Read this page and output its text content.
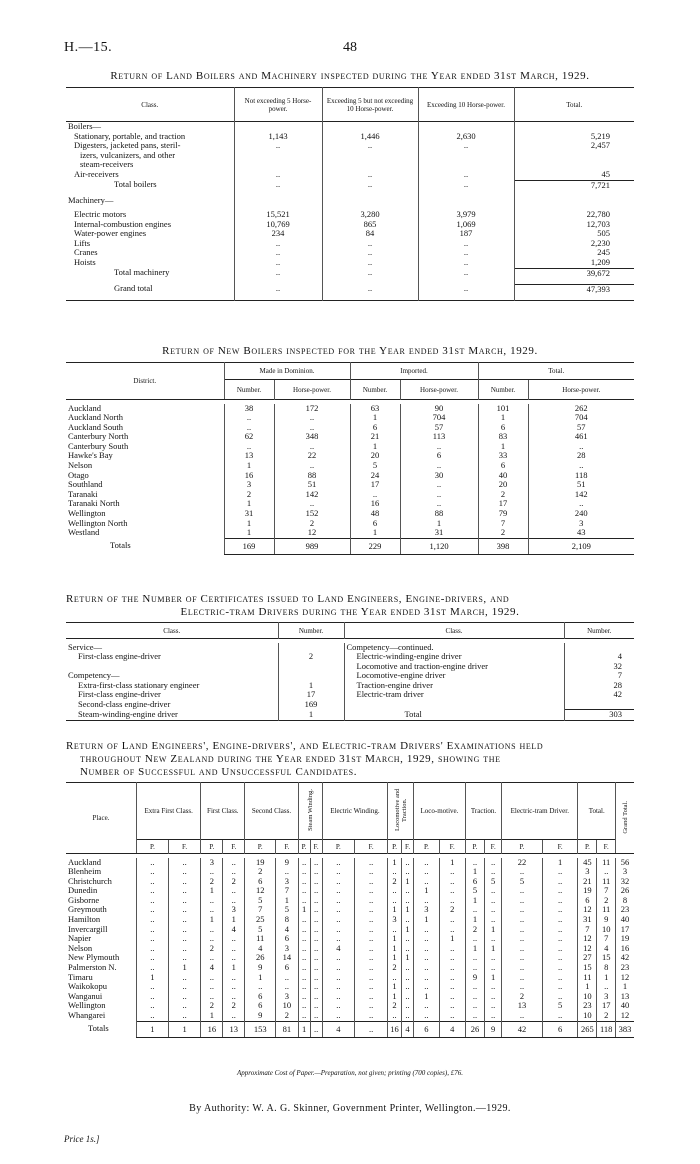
H.—15.	48
Return of Land Boilers and Machinery inspected during the Year ended 31st March, 1929.
Class.	Not exceeding 5 Horse-power.	Exceeding 5 but not exceeding 10 Horse-power.	Exceeding 10 Horse-power.	Total.
Boilers—				
Stationary, portable, and traction	1,143	1,446	2,630	5,219
Digesters, jacketed pans, steril-	..	..	..	2,457
izers, vulcanizers, and other				
steam-receivers				
Air-receivers	..	..	..	45
Total boilers	..	..	..	7,721
Machinery—				
Electric motors	15,521	3,280	3,979	22,780
Internal-combustion engines	10,769	865	1,069	12,703
Water-power engines	234	84	187	505
Lifts	..	..	..	2,230
Cranes	..	..	..	245
Hoists	..	..	..	1,209
Total machinery	..	..	..	39,672
Grand total	..	..	..	47,393
Return of New Boilers inspected for the Year ended 31st March, 1929.
District.	Made in Dominion.		Imported.		Total.	
	Number.	Horse-power.	Number.	Horse-power.	Number.	Horse-power.

Auckland	38	172	63	90	101	262
Auckland North	..	..	1	704	1	704
Auckland South	..	..	6	57	6	57
Canterbury North	62	348	21	113	83	461
Canterbury South	..	..	1	..	1	..
Hawke's Bay	13	22	20	6	33	28
Nelson	1	..	5	..	6	..
Otago	16	88	24	30	40	118
Southland	3	51	17	..	20	51
Taranaki	2	142	..	..	2	142
Taranaki North	1	..	16	..	17	..
Wellington	31	152	48	88	79	240
Wellington North	1	2	6	1	7	3
Westland	1	12	1	31	2	43
Totals	169	989	229	1,120	398	2,109
Return of the Number of Certificates issued to Land Engineers, Engine-drivers, and
Electric-tram Drivers during the Year ended 31st March, 1929.
Class.	Number.	Class.	Number.

Service—		Competency—continued.	
First-class engine-driver	2	Electric-winding-engine driver	4
		Locomotive and traction-engine driver	32
Competency—		Locomotive-engine driver	7
Extra-first-class stationary engineer	1	Traction-engine driver	28
First-class engine-driver	17	Electric-tram driver	42
Second-class engine-driver	169		
Steam-winding-engine driver	1	Total	303
Return of Land Engineers', Engine-drivers', and Electric-tram Drivers' Examinations held
throughout New Zealand during the Year ended 31st March, 1929, showing the
Number of Successful and Unsuccessful Candidates.
Place.	Extra First Class.		First Class.		Second Class.		Steam Winding.		Electric Winding.		Locomotive and Traction.		Loco-motive.		Traction.		Electric-tram Driver.		Total.		Grand Total.
	P.	F.	P.	F.	P.	F.	P.	F.	P.	F.	P.	F.	P.	F.	P.	F.	P.	F.	P.	F.	

Auckland	..	..	3	..	19	9	..	..	..	..	1	..	..	1	..	..	22	1	45	11	56
Blenheim	..	..	..	..	2	..	..	..	..	..	..	..	..	..	1	..	..	..	3	..	3
Christchurch	..	..	2	2	6	3	..	..	..	..	2	1	..	..	6	5	5	..	21	11	32
Dunedin	..	..	1	..	12	7	..	..	..	..	..	..	1	..	5	..	..	..	19	7	26
Gisborne	..	..	..	..	5	1	..	..	..	..	..	..	..	..	1	..	..	..	6	2	8
Greymouth	..	..	..	3	7	5	1	..	..	..	1	1	3	2	..	..	..	..	12	11	23
Hamilton	..	..	1	1	25	8	..	..	..	..	3	..	1	..	1	..	..	..	31	9	40
Invercargill	..	..	..	4	5	4	..	..	..	..	..	1	..	..	2	1	..	..	7	10	17
Napier	..	..	..	..	11	6	..	..	..	..	1	..	..	1	..	..	..	..	12	7	19
Nelson	..	..	2	..	4	3	..	..	4	..	1	..	..	..	1	1	..	..	12	4	16
New Plymouth	..	..	..	..	26	14	..	..	..	..	1	1	..	..	..	..	..	..	27	15	42
Palmerston N.	..	1	4	1	9	6	..	..	..	..	2	..	..	..	..	..	..	..	15	8	23
Timaru	1	..	..	..	1	..	..	..	..	..	..	..	..	..	9	1	..	..	11	1	12
Waikokopu	..	..	..	..	..	..	..	..	..	..	1	..	..	..	..	..	..	..	1	..	1
Wanganui	..	..	..	..	6	3	..	..	..	..	1	..	1	..	..	..	2	..	10	3	13
Wellington	..	..	2	2	6	10	..	..	..	..	2	..	..	..	..	..	13	5	23	17	40
Whangarei	..	..	1	..	9	2	..	..	..	..	..	..	..	..	..	..	..	..	10	2	12
Totals	1	1	16	13	153	81	1	..	4	..	16	4	6	4	26	9	42	6	265	118	383
Approximate Cost of Paper.—Preparation, not given; printing (700 copies), £76.
By Authority: W. A. G. Skinner, Government Printer, Wellington.—1929.
Price 1s.]
